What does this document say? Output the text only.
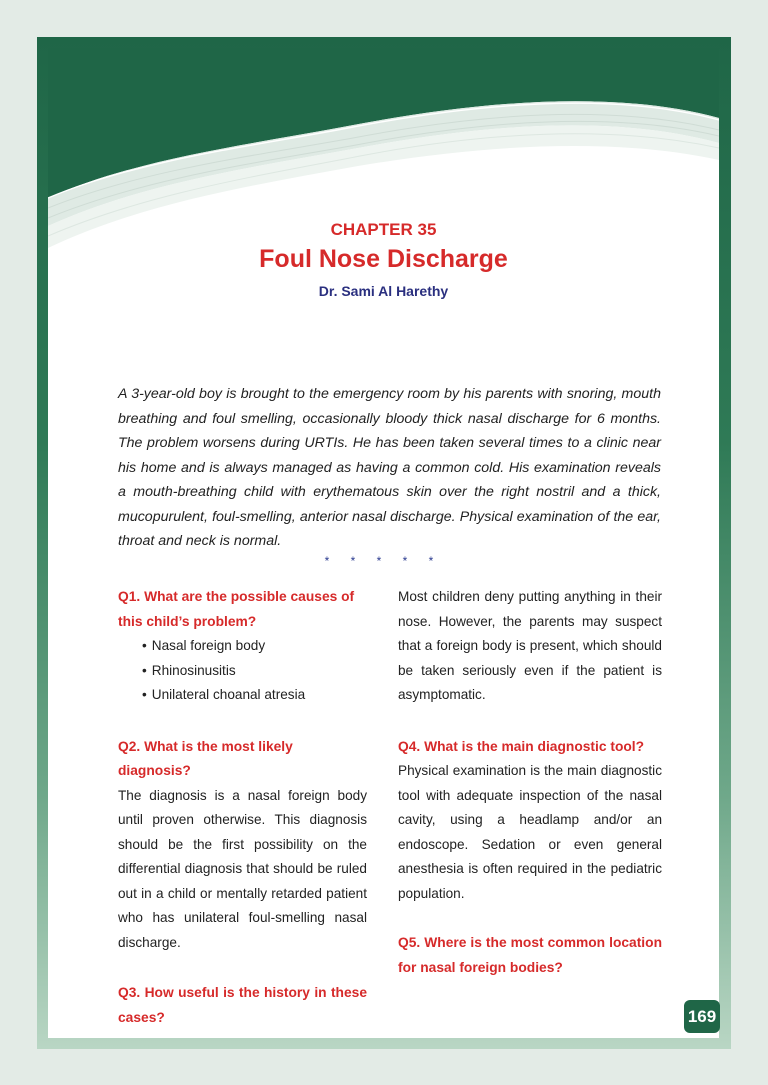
CHAPTER 35

Foul Nose Discharge

Dr. Sami Al Harethy

A 3-year-old boy is brought to the emergency room by his parents with snoring, mouth breathing and foul smelling, occasionally bloody thick nasal discharge for 6 months. The problem worsens during URTIs. He has been taken several times to a clinic near his home and is always managed as having a common cold. His examination reveals a mouth-breathing child with erythematous skin over the right nostril and a thick, mucopurulent, foul-smelling, anterior nasal discharge. Physical examination of the ear, throat and neck is normal.

* * * * *

Q1. What are the possible causes of this child’s problem?

• Nasal foreign body
• Rhinosinusitis
• Unilateral choanal atresia

Q2. What is the most likely diagnosis?

The diagnosis is a nasal foreign body until proven otherwise. This diagnosis should be the first possibility on the differential diagnosis that should be ruled out in a child or mentally retarded patient who has unilateral foul-smelling nasal discharge.

Q3. How useful is the history in these cases?

Most children deny putting anything in their nose. However, the parents may suspect that a foreign body is present, which should be taken seriously even if the patient is asymptomatic.

Q4. What is the main diagnostic tool?

Physical examination is the main diagnostic tool with adequate inspection of the nasal cavity, using a headlamp and/or an endoscope. Sedation or even general anesthesia is often required in the pediatric population.

Q5. Where is the most common location for nasal foreign bodies?

169
